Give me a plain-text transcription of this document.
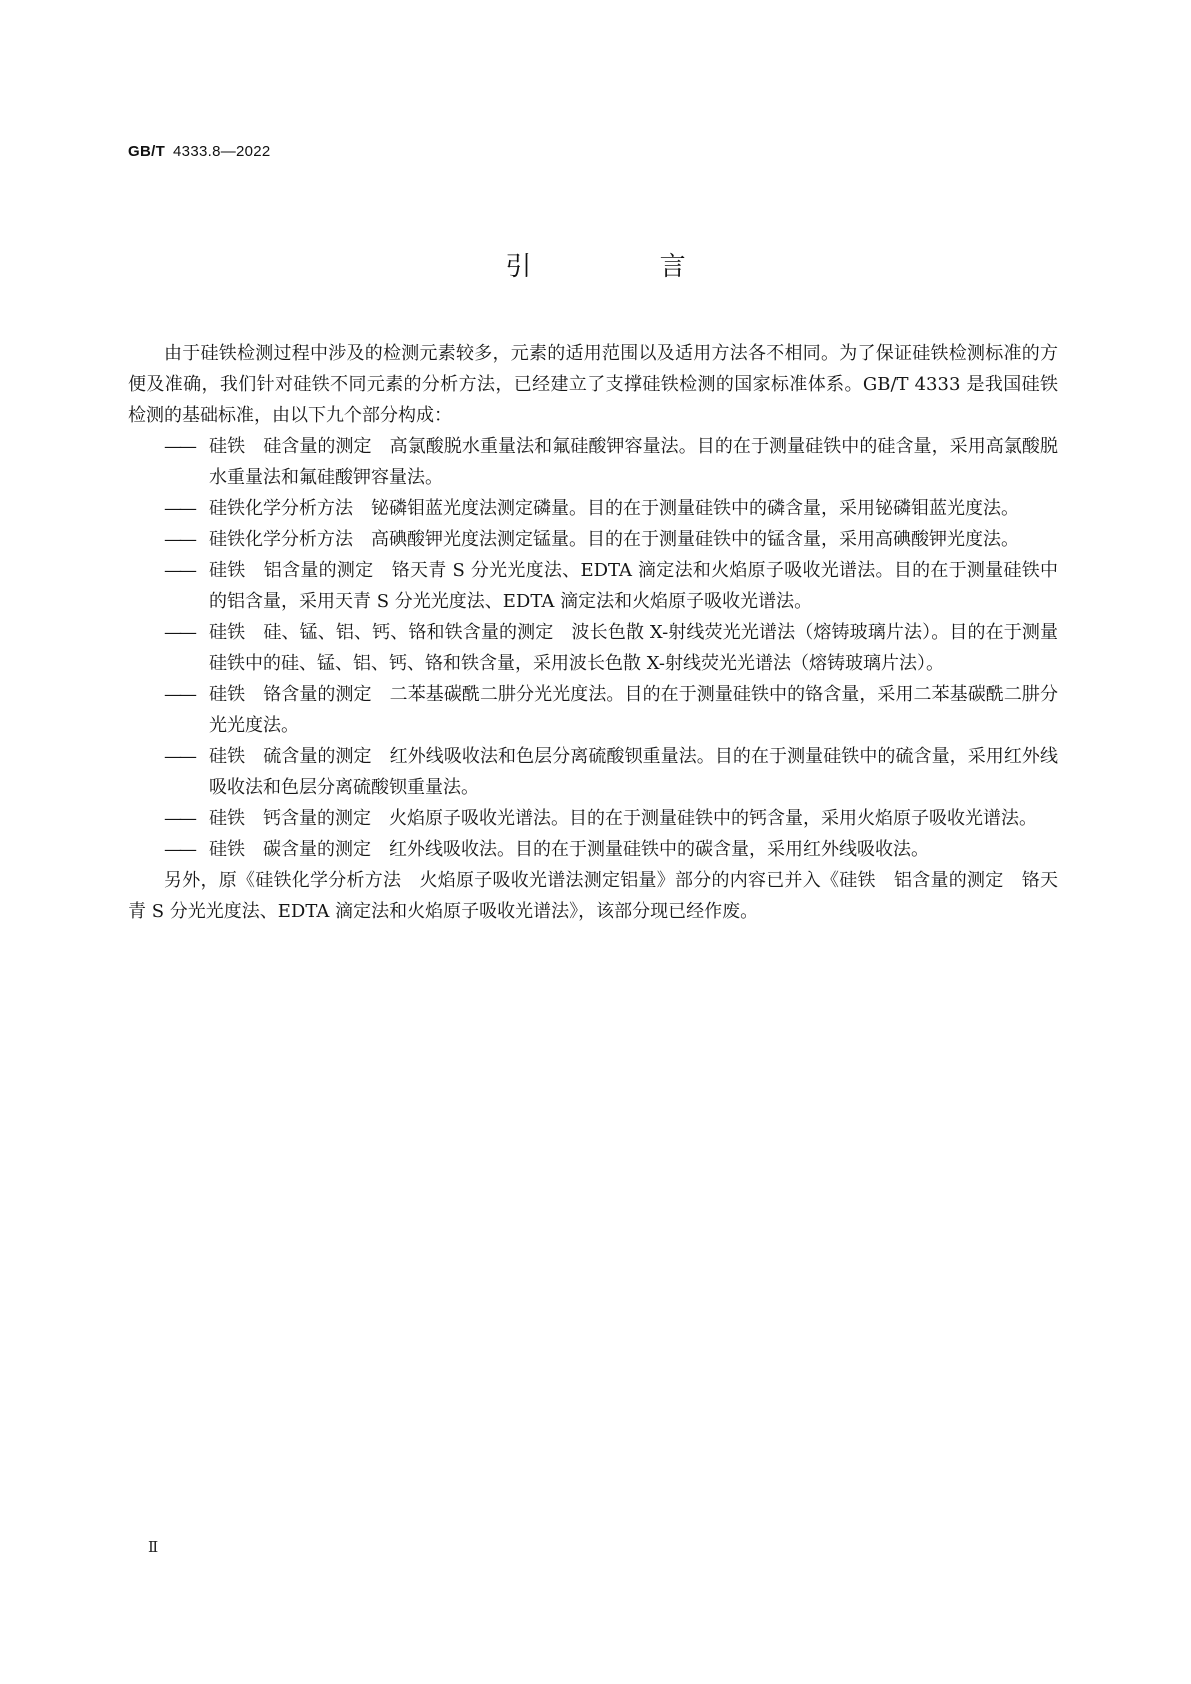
GB/T 4333.8—2022
引 言

由于硅铁检测过程中涉及的检测元素较多，元素的适用范围以及适用方法各不相同。为了保证硅铁检测标准的方便及准确，我们针对硅铁不同元素的分析方法，已经建立了支撑硅铁检测的国家标准体系。GB/T 4333 是我国硅铁检测的基础标准，由以下九个部分构成：

—— 硅铁　硅含量的测定　高氯酸脱水重量法和氟硅酸钾容量法。目的在于测量硅铁中的硅含量，采用高氯酸脱水重量法和氟硅酸钾容量法。
—— 硅铁化学分析方法　铋磷钼蓝光度法测定磷量。目的在于测量硅铁中的磷含量，采用铋磷钼蓝光度法。
—— 硅铁化学分析方法　高碘酸钾光度法测定锰量。目的在于测量硅铁中的锰含量，采用高碘酸钾光度法。
—— 硅铁　铝含量的测定　铬天青 S 分光光度法、EDTA 滴定法和火焰原子吸收光谱法。目的在于测量硅铁中的铝含量，采用天青 S 分光光度法、EDTA 滴定法和火焰原子吸收光谱法。
—— 硅铁　硅、锰、铝、钙、铬和铁含量的测定　波长色散 X-射线荧光光谱法（熔铸玻璃片法）。目的在于测量硅铁中的硅、锰、铝、钙、铬和铁含量，采用波长色散 X-射线荧光光谱法（熔铸玻璃片法）。
—— 硅铁　铬含量的测定　二苯基碳酰二肼分光光度法。目的在于测量硅铁中的铬含量，采用二苯基碳酰二肼分光光度法。
—— 硅铁　硫含量的测定　红外线吸收法和色层分离硫酸钡重量法。目的在于测量硅铁中的硫含量，采用红外线吸收法和色层分离硫酸钡重量法。
—— 硅铁　钙含量的测定　火焰原子吸收光谱法。目的在于测量硅铁中的钙含量，采用火焰原子吸收光谱法。
—— 硅铁　碳含量的测定　红外线吸收法。目的在于测量硅铁中的碳含量，采用红外线吸收法。

另外，原《硅铁化学分析方法　火焰原子吸收光谱法测定铝量》部分的内容已并入《硅铁　铝含量的测定　铬天青 S 分光光度法、EDTA 滴定法和火焰原子吸收光谱法》，该部分现已经作废。

Ⅱ
